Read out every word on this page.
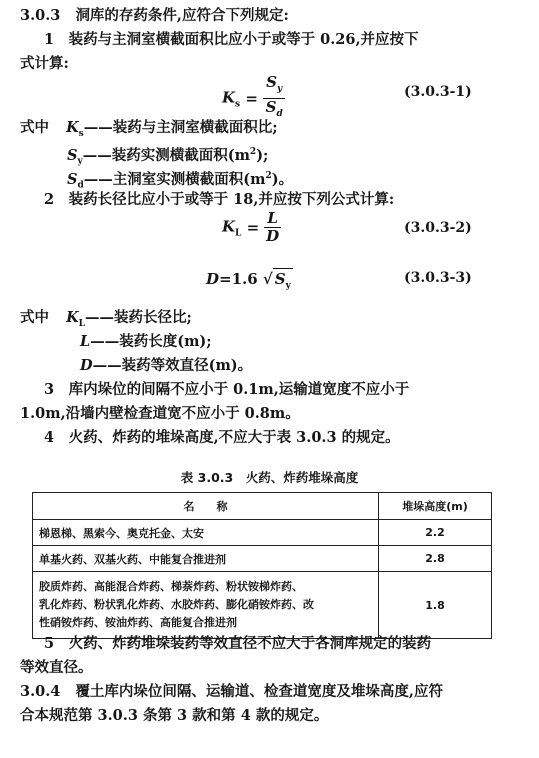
3.0.3 洞库的存药条件,应符合下列规定:
1　装药与主洞室横截面积比应小于或等于 0.26,并应按下
式计算:
$K_s = \frac{S_y}{S_d}$	(3.0.3-1)
式中 $K_s——$装药与主洞室横截面积比;
$S_y——$装药实测横截面积$(m^2)$;
$S_d——$主洞室实测横截面积$(m^2)$。
2　装药长径比应小于或等于 18,并应按下列公式计算:
$K_L = \frac{L}{D}$	(3.0.3-2)
D=1.6 √ $S_y$	(3.0.3-3)
式中 $K_L——$装药长径比;
L——装药长度(m);
D——装药等效直径(m)。
3　库内垛位的间隔不应小于 0.1m,运输道宽度不应小于
1.0m,沿墙内壁检查道宽不应小于 0.8m。
4　火药、炸药的堆垛高度,不应大于表 3.0.3 的规定。
表 3.0.3　火药、炸药堆垛高度
名　　称	堆垛高度(m)
梯恩梯、黑索今、奥克托金、太安	2.2
单基火药、双基火药、中能复合推进剂	2.8

胶质炸药、高能混合炸药、梯萘炸药、粉状铵梯炸药、
乳化炸药、粉状乳化炸药、水胶炸药、膨化硝铵炸药、改
性硝铵炸药、铵油炸药、高能复合推进剂	1.8
5　火药、炸药堆垛装药等效直径不应大于各洞库规定的装药
等效直径。
3.0.4 覆土库内垛位间隔、运输道、检查道宽度及堆垛高度,应符
合本规范第 3.0.3 条第 3 款和第 4 款的规定。
